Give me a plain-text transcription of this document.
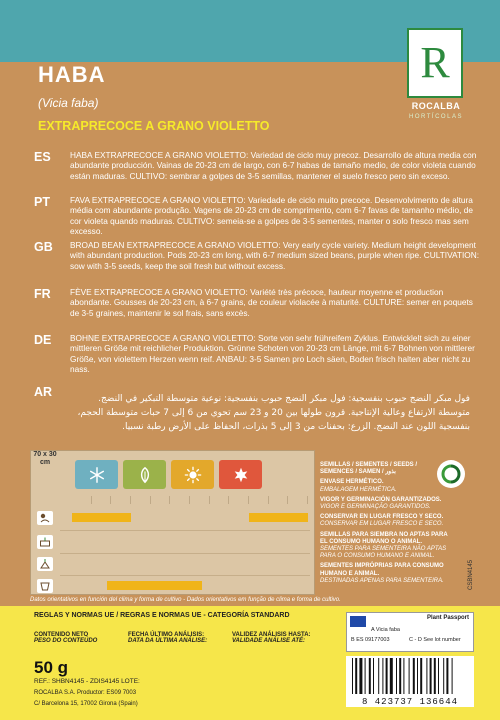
HABA
(Vicia faba)
EXTRAPRECOCE A GRANO VIOLETTO
R
ROCALBA
HORTÍCOLAS
ES HABA EXTRAPRECOCE A GRANO VIOLETTO: Variedad de ciclo muy precoz. Desarrollo de altura media con abundante producción. Vainas de 20-23 cm de largo, con 6-7 habas de tamaño medio, de color violeta cuando están maduras. CULTIVO: sembrar a golpes de 3-5 semillas, mantener el suelo fresco pero sin exceso.
PT FAVA EXTRAPRECOCE A GRANO VIOLETTO: Variedade de ciclo muito precoce. Desenvolvimento de altura média com abundante produção. Vagens de 20-23 cm de comprimento, com 6-7 favas de tamanho médio, de cor violeta quando maduras. CULTIVO: semeia-se a golpes de 3-5 sementes, manter o solo fresco mas sem excesso.
GB BROAD BEAN EXTRAPRECOCE A GRANO VIOLETTO: Very early cycle variety. Medium height development with abundant production. Pods 20-23 cm long, with 6-7 medium sized beans, purple when ripe. CULTIVATION: sow with 3-5 seeds, keep the soil fresh but without excess.
FR FÈVE EXTRAPRECOCE A GRANO VIOLETTO: Variété très précoce, hauteur moyenne et production abondante. Gousses de 20-23 cm, à 6-7 grains, de couleur violacée à maturité. CULTURE: semer en poquets de 3-5 graines, maintenir le sol frais, sans excès.
DE BOHNE EXTRAPRECOCE A GRANO VIOLETTO: Sorte von sehr frühreifem Zyklus. Entwicklelt sich zu einer mittleren Größe mit reichlicher Produktion. Grünne Schoten von 20-23 cm Länge, mit 6-7 Bohnen von mittlerer Größe, von violettem Herzen wenn reif. ANBAU: 3-5 Samen pro Loch säen, Boden frisch halten aber nicht zu nass.
AR	فول مبكر النضج حبوب بنفسجية: فول مبكر النضج حبوب بنفسجية: نوعية متوسطة التبكير في النضج. متوسطة الارتفاع وعالية الإنتاجية. قرون طولها بين 20 و 23 سم تحوي من 6 إلى 7 حبات متوسطة الحجم، بنفسجية اللون عند النضج. الزرع: بحفنات من 3 إلى 5 بذرات، الحفاظ على الأرض رطبة نسبيا.
70 x 30 cm	SEMILLAS / SEMENTES / SEEDS / SEMENCES / SAMEN / بذور
ENVASE HERMÉTICO.
EMBALAGEM HERMÉTICA.
VIGOR Y GERMINACIÓN GARANTIZADOS.
VIGOR E GERMINAÇÃO GARANTIDOS.
CONSERVAR EN LUGAR FRESCO Y SECO.
CONSERVAR EM LUGAR FRESCO E SECO.
SEMILLAS PARA SIEMBRA NO APTAS PARA EL CONSUMO HUMANO O ANIMAL.
SEMENTES PARA SEMENTEIRA NÃO APTAS PARA O CONSUMO HUMANO E ANIMAL.
SEMENTES IMPRÓPRIAS PARA CONSUMO HUMANO E ANIMAL.
DESTINADAS APENAS PARA SEMENTEIRA.
Datos orientativos en función del clima y forma de cultivo - Dados orientativos em função de clima e forma de cultivo.
REGLAS Y NORMAS UE / REGRAS E NORMAS UE - CATEGORÍA STANDARD
CONTENIDO NETO
PESO DO CONTEÚDO
FECHA ÚLTIMO ANÁLISIS:
DATA DA ÚLTIMA ANÁLISE:
VALIDEZ ANÁLISIS HASTA:
VALIDADE ANÁLISE ATÉ:
50 g
REF.: SHBN4145 - ZDIS4145 LOTE:
ROCALBA S.A. Productor: ES09 7003
C/ Barcelona 15, 17002 Girona (Spain)
Plant Passport
A Vicia faba
B ES 09177003	C - D See lot number
8 423737 136644
CSBN4145
